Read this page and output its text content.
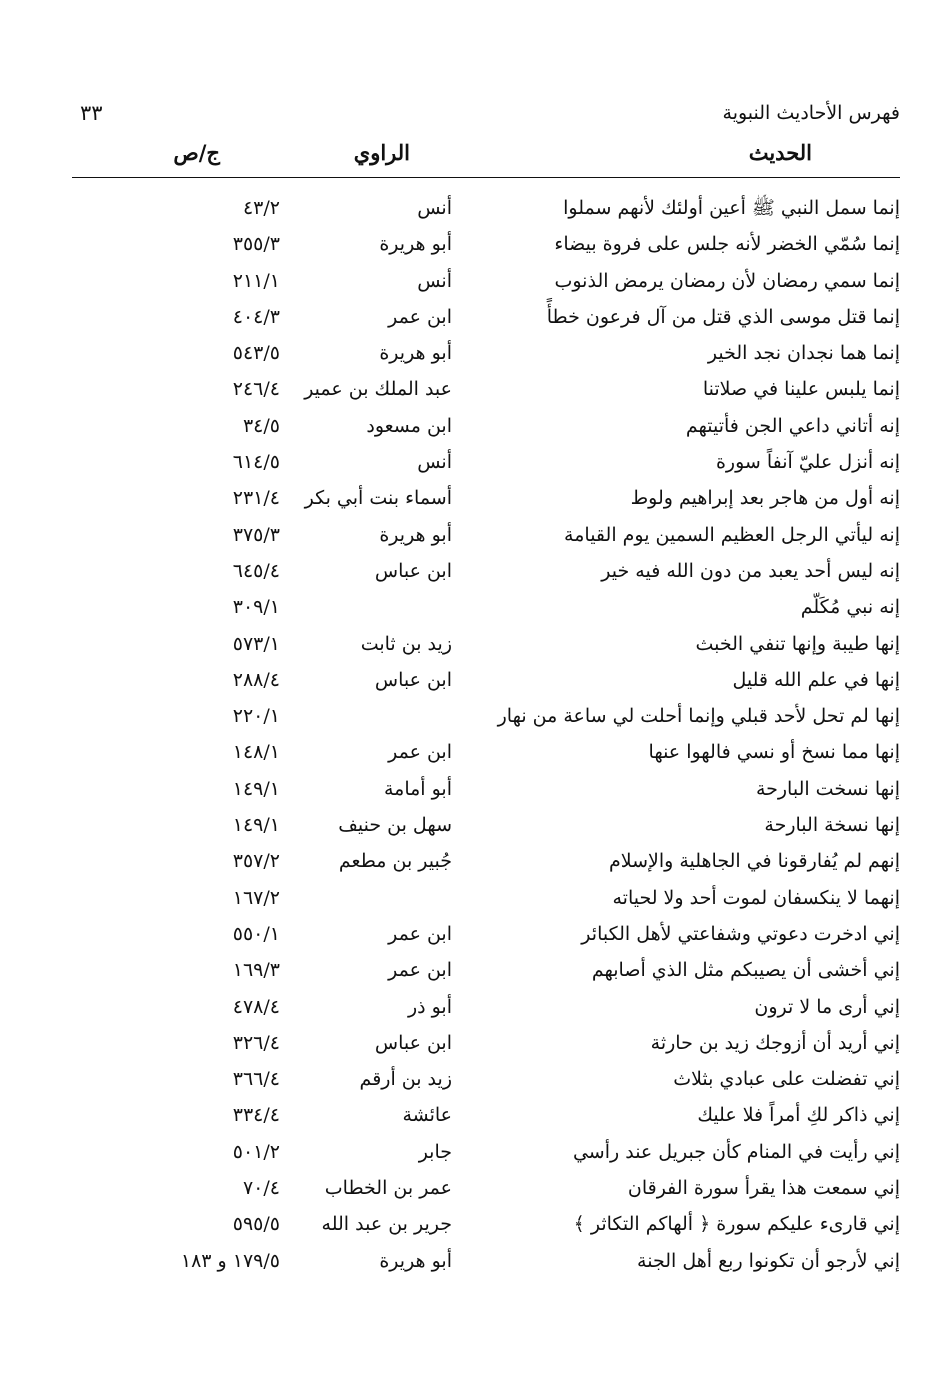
فهرس الأحاديث النبوية
٣٣
الحديث
الراوي
ج/ص
إنما سمل النبي ﷺ أعين أولئك لأنهم سملوا
أنس
٤٣/٢
إنما سُمّي الخضر لأنه جلس على فروة بيضاء
أبو هريرة
٣٥٥/٣
إنما سمي رمضان لأن رمضان يرمض الذنوب
أنس
٢١١/١
إنما قتل موسى الذي قتل من آل فرعون خطأً
ابن عمر
٤٠٤/٣
إنما هما نجدان نجد الخير
أبو هريرة
٥٤٣/٥
إنما يلبس علينا في صلاتنا
عبد الملك بن عمير
٢٤٦/٤
إنه أتاني داعي الجن فأتيتهم
ابن مسعود
٣٤/٥
إنه أنزل عليّ آنفاً سورة
أنس
٦١٤/٥
إنه أول من هاجر بعد إبراهيم ولوط
أسماء بنت أبي بكر
٢٣١/٤
إنه ليأتي الرجل العظيم السمين يوم القيامة
أبو هريرة
٣٧٥/٣
إنه ليس أحد يعبد من دون الله فيه خير
ابن عباس
٦٤٥/٤
إنه نبي مُكَلّم
٣٠٩/١
إنها طيبة وإنها تنفي الخبث
زيد بن ثابت
٥٧٣/١
إنها في علم الله قليل
ابن عباس
٢٨٨/٤
إنها لم تحل لأحد قبلي وإنما أحلت لي ساعة من نهار
٢٢٠/١
إنها مما نسخ أو نسي فالهوا عنها
ابن عمر
١٤٨/١
إنها نسخت البارحة
أبو أمامة
١٤٩/١
إنها نسخة البارحة
سهل بن حنيف
١٤٩/١
إنهم لم يُفارقونا في الجاهلية والإسلام
جُبير بن مطعم
٣٥٧/٢
إنهما لا ينكسفان لموت أحد ولا لحياته
١٦٧/٢
إني ادخرت دعوتي وشفاعتي لأهل الكبائر
ابن عمر
٥٥٠/١
إني أخشى أن يصيبكم مثل الذي أصابهم
ابن عمر
١٦٩/٣
إني أرى ما لا ترون
أبو ذر
٤٧٨/٤
إني أريد أن أزوجك زيد بن حارثة
ابن عباس
٣٢٦/٤
إني تفضلت على عبادي بثلاث
زيد بن أرقم
٣٦٦/٤
إني ذاكر لكِ أمراً فلا عليك
عائشة
٣٣٤/٤
إني رأيت في المنام كأن جبريل عند رأسي
جابر
٥٠١/٢
إني سمعت هذا يقرأ سورة الفرقان
عمر بن الخطاب
٧٠/٤
إني قارىء عليكم سورة ﴿ ألهاكم التكاثر ﴾
جرير بن عبد الله
٥٩٥/٥
إني لأرجو أن تكونوا ربع أهل الجنة
أبو هريرة
١٧٩/٥ و ١٨٣
